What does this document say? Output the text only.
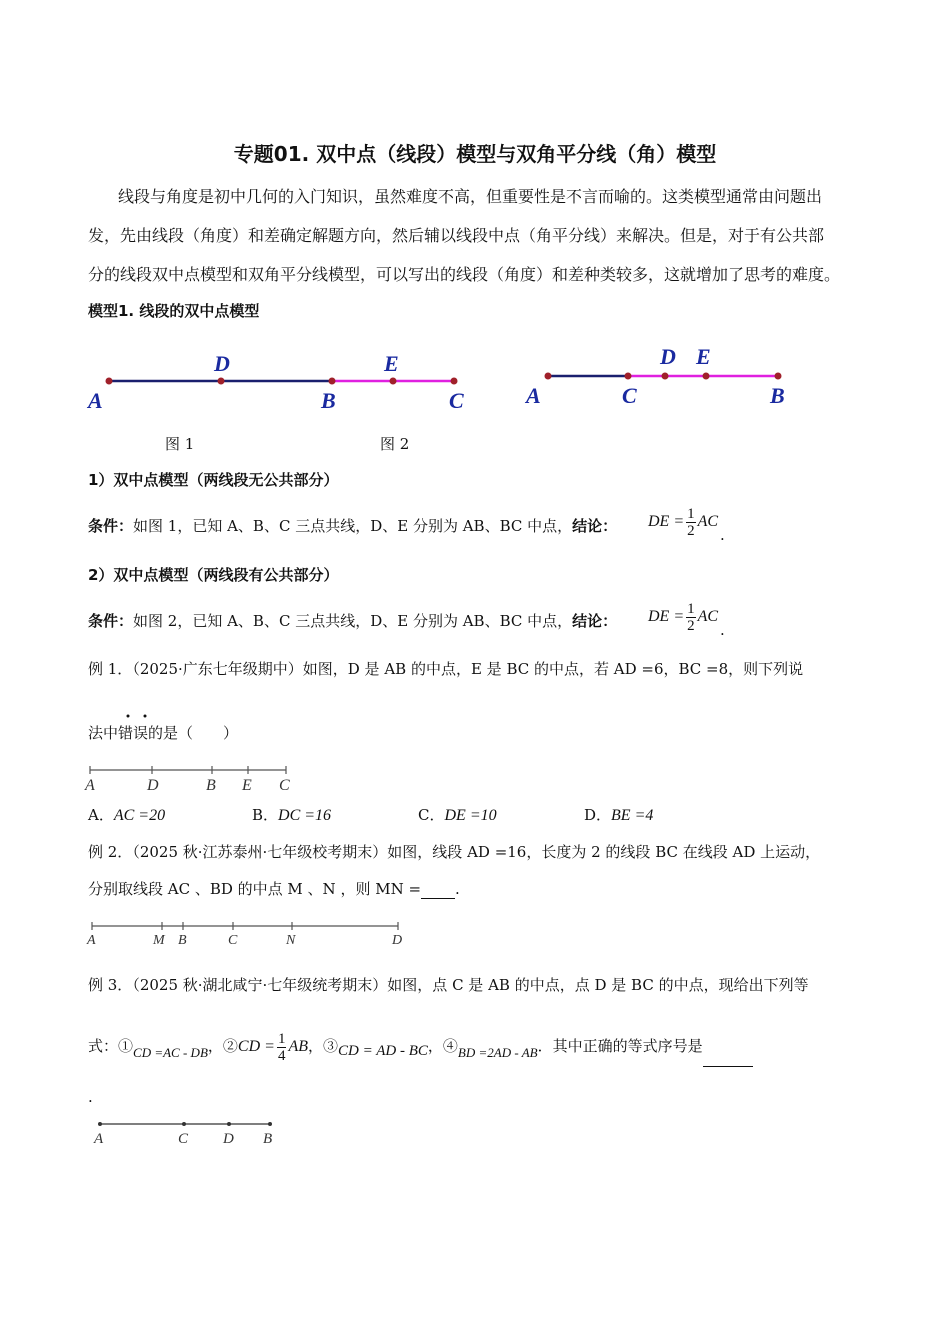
专题01. 双中点（线段）模型与双角平分线（角）模型
线段与角度是初中几何的入门知识，虽然难度不高，但重要性是不言而喻的。这类模型通常由问题出
发，先由线段（角度）和差确定解题方向，然后辅以线段中点（角平分线）来解决。但是，对于有公共部
分的线段双中点模型和双角平分线模型，可以写出的线段（角度）和差种类较多，这就增加了思考的难度。
模型1. 线段的双中点模型
A
D
B
E
C	A	C
D E
B
图 1	图 2
1）双中点模型（两线段无公共部分）
条件：如图 1，已知 A、B、C 三点共线，D、E 分别为 AB、BC 中点，结论： DE = $\frac{1}{2}$ AC
.
2）双中点模型（两线段有公共部分）
条件：如图 2，已知 A、B、C 三点共线，D、E 分别为 AB、BC 中点，结论： DE = $\frac{1}{2}$ AC
.
例 1．（2025·广东七年级期中）如图，D 是 AB 的中点，E 是 BC 的中点，若 AD =6，BC =8，则下列说
法中错误的是（　　）
A	D	B E C
A．AC =20	B．DC =16	C．DE =10	D．BE =4
例 2．（2025 秋·江苏泰州·七年级校考期末）如图，线段 AD =16，长度为 2 的线段 BC 在线段 AD 上运动，
分别取线段 AC 、BD 的中点 M 、N ，则 MN = .
A	M B	C	N	D
例 3．（2025 秋·湖北咸宁·七年级统考期末）如图，点 C 是 AB 的中点，点 D 是 BC 的中点，现给出下列等
式：①CD =AC - DB，②CD = $\frac{1}{4}$ AB，③CD = AD - BC，④BD =2AD - AB．其中正确的等式序号是
.
A	C D B
